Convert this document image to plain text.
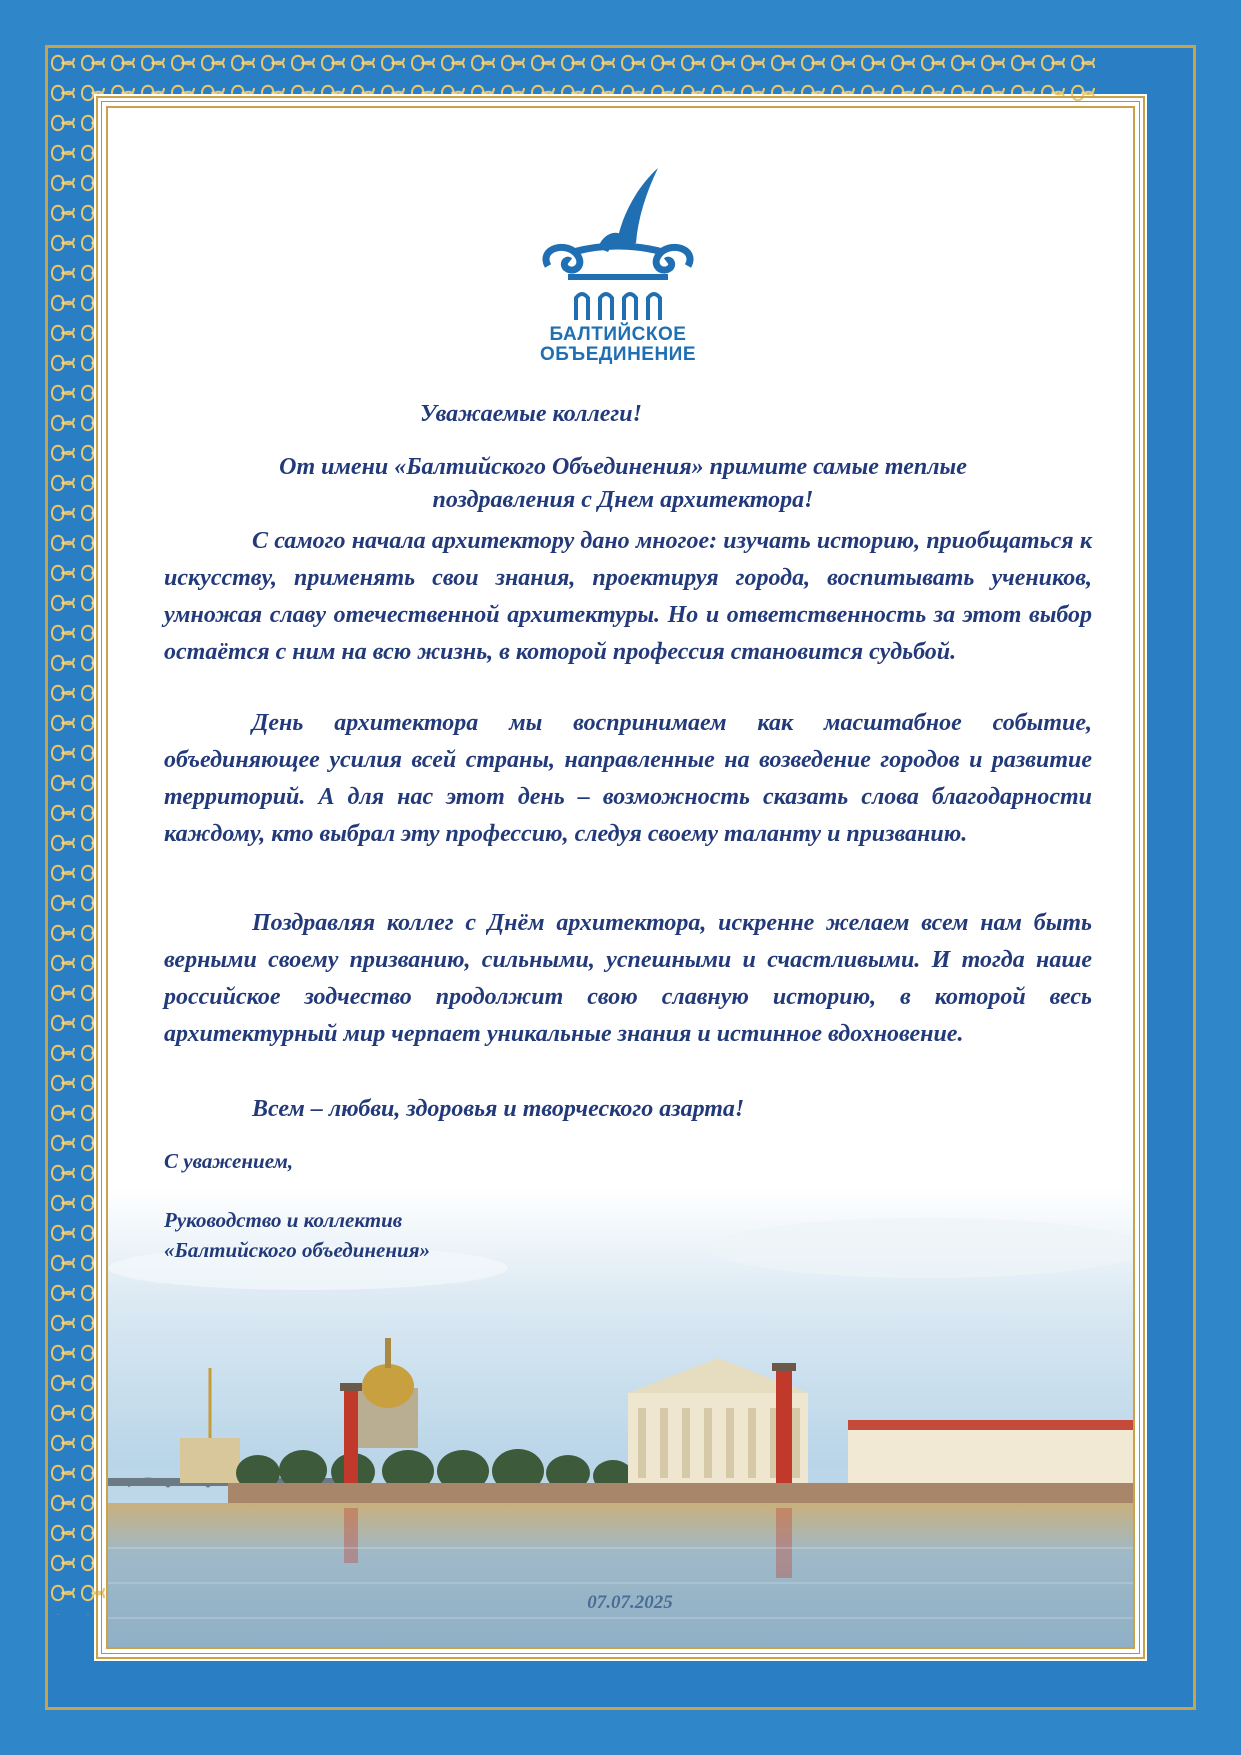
БАЛТИЙСКОЕ
ОБЪЕДИНЕНИЕ
Уважаемые коллеги!
От имени «Балтийского Объединения» примите самые теплые поздравления с Днем архитектора!
С самого начала архитектору дано многое: изучать историю, приобщаться к искусству, применять свои знания, проектируя города, воспитывать учеников, умножая славу отечественной архитектуры. Но и ответственность за этот выбор остаётся с ним на всю жизнь, в которой профессия становится судьбой.
День архитектора мы воспринимаем как масштабное событие, объединяющее усилия всей страны, направленные на возведение городов и развитие территорий. А для нас этот день – возможность сказать слова благодарности каждому, кто выбрал эту профессию, следуя своему таланту и призванию.
Поздравляя коллег с Днём архитектора, искренне желаем всем нам быть верными своему призванию, сильными, успешными и счастливыми. И тогда наше российское зодчество продолжит свою славную историю, в которой весь архитектурный мир черпает уникальные знания и истинное вдохновение.
Всем – любви, здоровья и творческого азарта!
С уважением,
Руководство и коллектив
«Балтийского объединения»
07.07.2025
